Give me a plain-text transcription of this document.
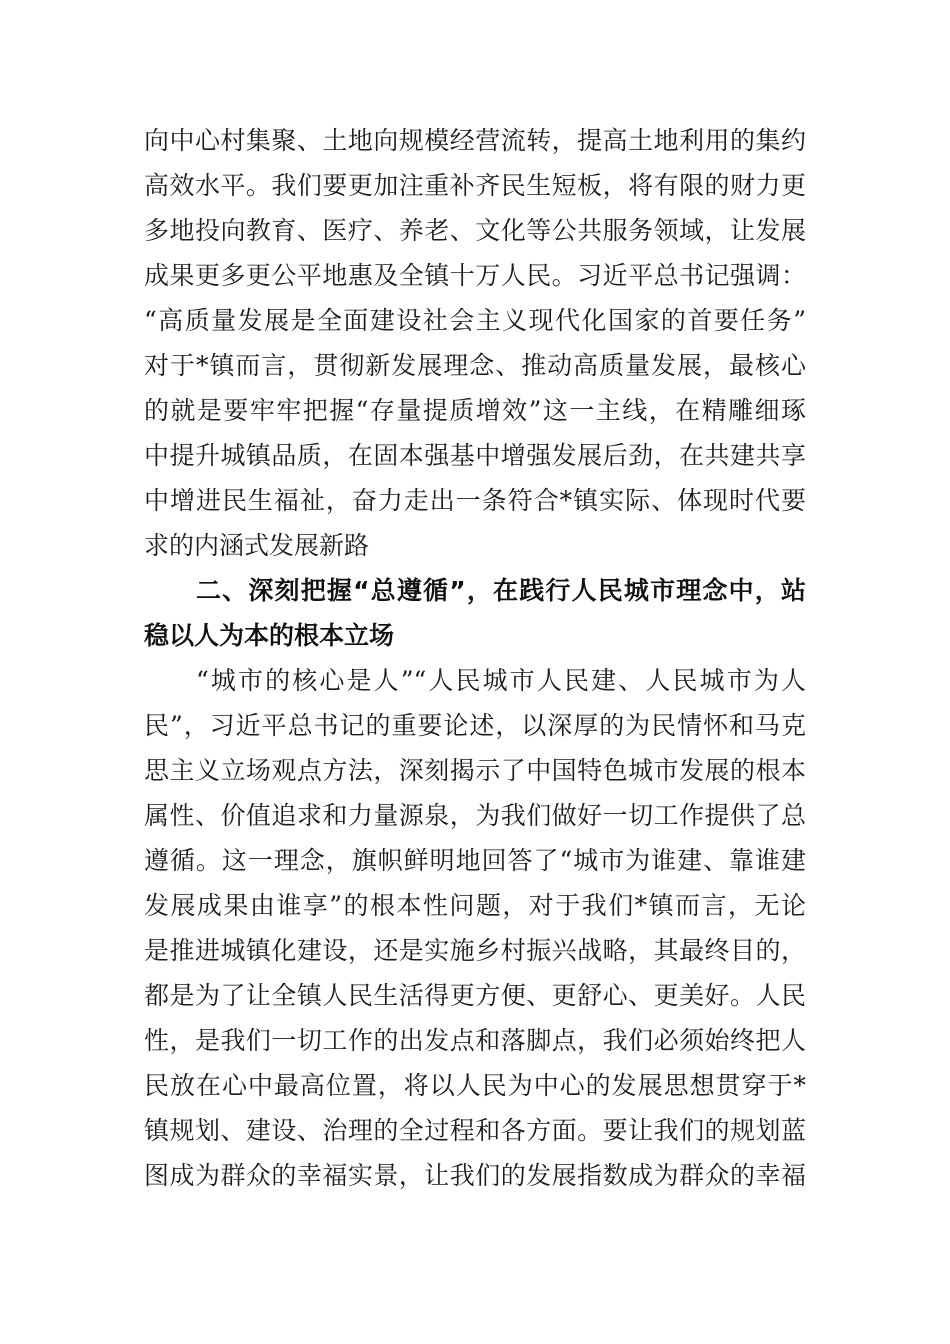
向中心村集聚、土地向规模经营流转，提高土地利用的集约

高效水平。我们要更加注重补齐民生短板，将有限的财力更

多地投向教育、医疗、养老、文化等公共服务领域，让发展

成果更多更公平地惠及全镇十万人民。习近平总书记强调：

“高质量发展是全面建设社会主义现代化国家的首要任务”

对于*镇而言，贯彻新发展理念、推动高质量发展，最核心

的就是要牢牢把握“存量提质增效”这一主线，在精雕细琢

中提升城镇品质，在固本强基中增强发展后劲，在共建共享

中增进民生福祉，奋力走出一条符合*镇实际、体现时代要

求的内涵式发展新路

二、深刻把握“总遵循”，在践行人民城市理念中，站

稳以人为本的根本立场

“城市的核心是人”“人民城市人民建、人民城市为人

民”，习近平总书记的重要论述，以深厚的为民情怀和马克

思主义立场观点方法，深刻揭示了中国特色城市发展的根本

属性、价值追求和力量源泉，为我们做好一切工作提供了总

遵循。这一理念，旗帜鲜明地回答了“城市为谁建、靠谁建

发展成果由谁享”的根本性问题，对于我们*镇而言，无论

是推进城镇化建设，还是实施乡村振兴战略，其最终目的，

都是为了让全镇人民生活得更方便、更舒心、更美好。人民

性，是我们一切工作的出发点和落脚点，我们必须始终把人

民放在心中最高位置，将以人民为中心的发展思想贯穿于*

镇规划、建设、治理的全过程和各方面。要让我们的规划蓝

图成为群众的幸福实景，让我们的发展指数成为群众的幸福
